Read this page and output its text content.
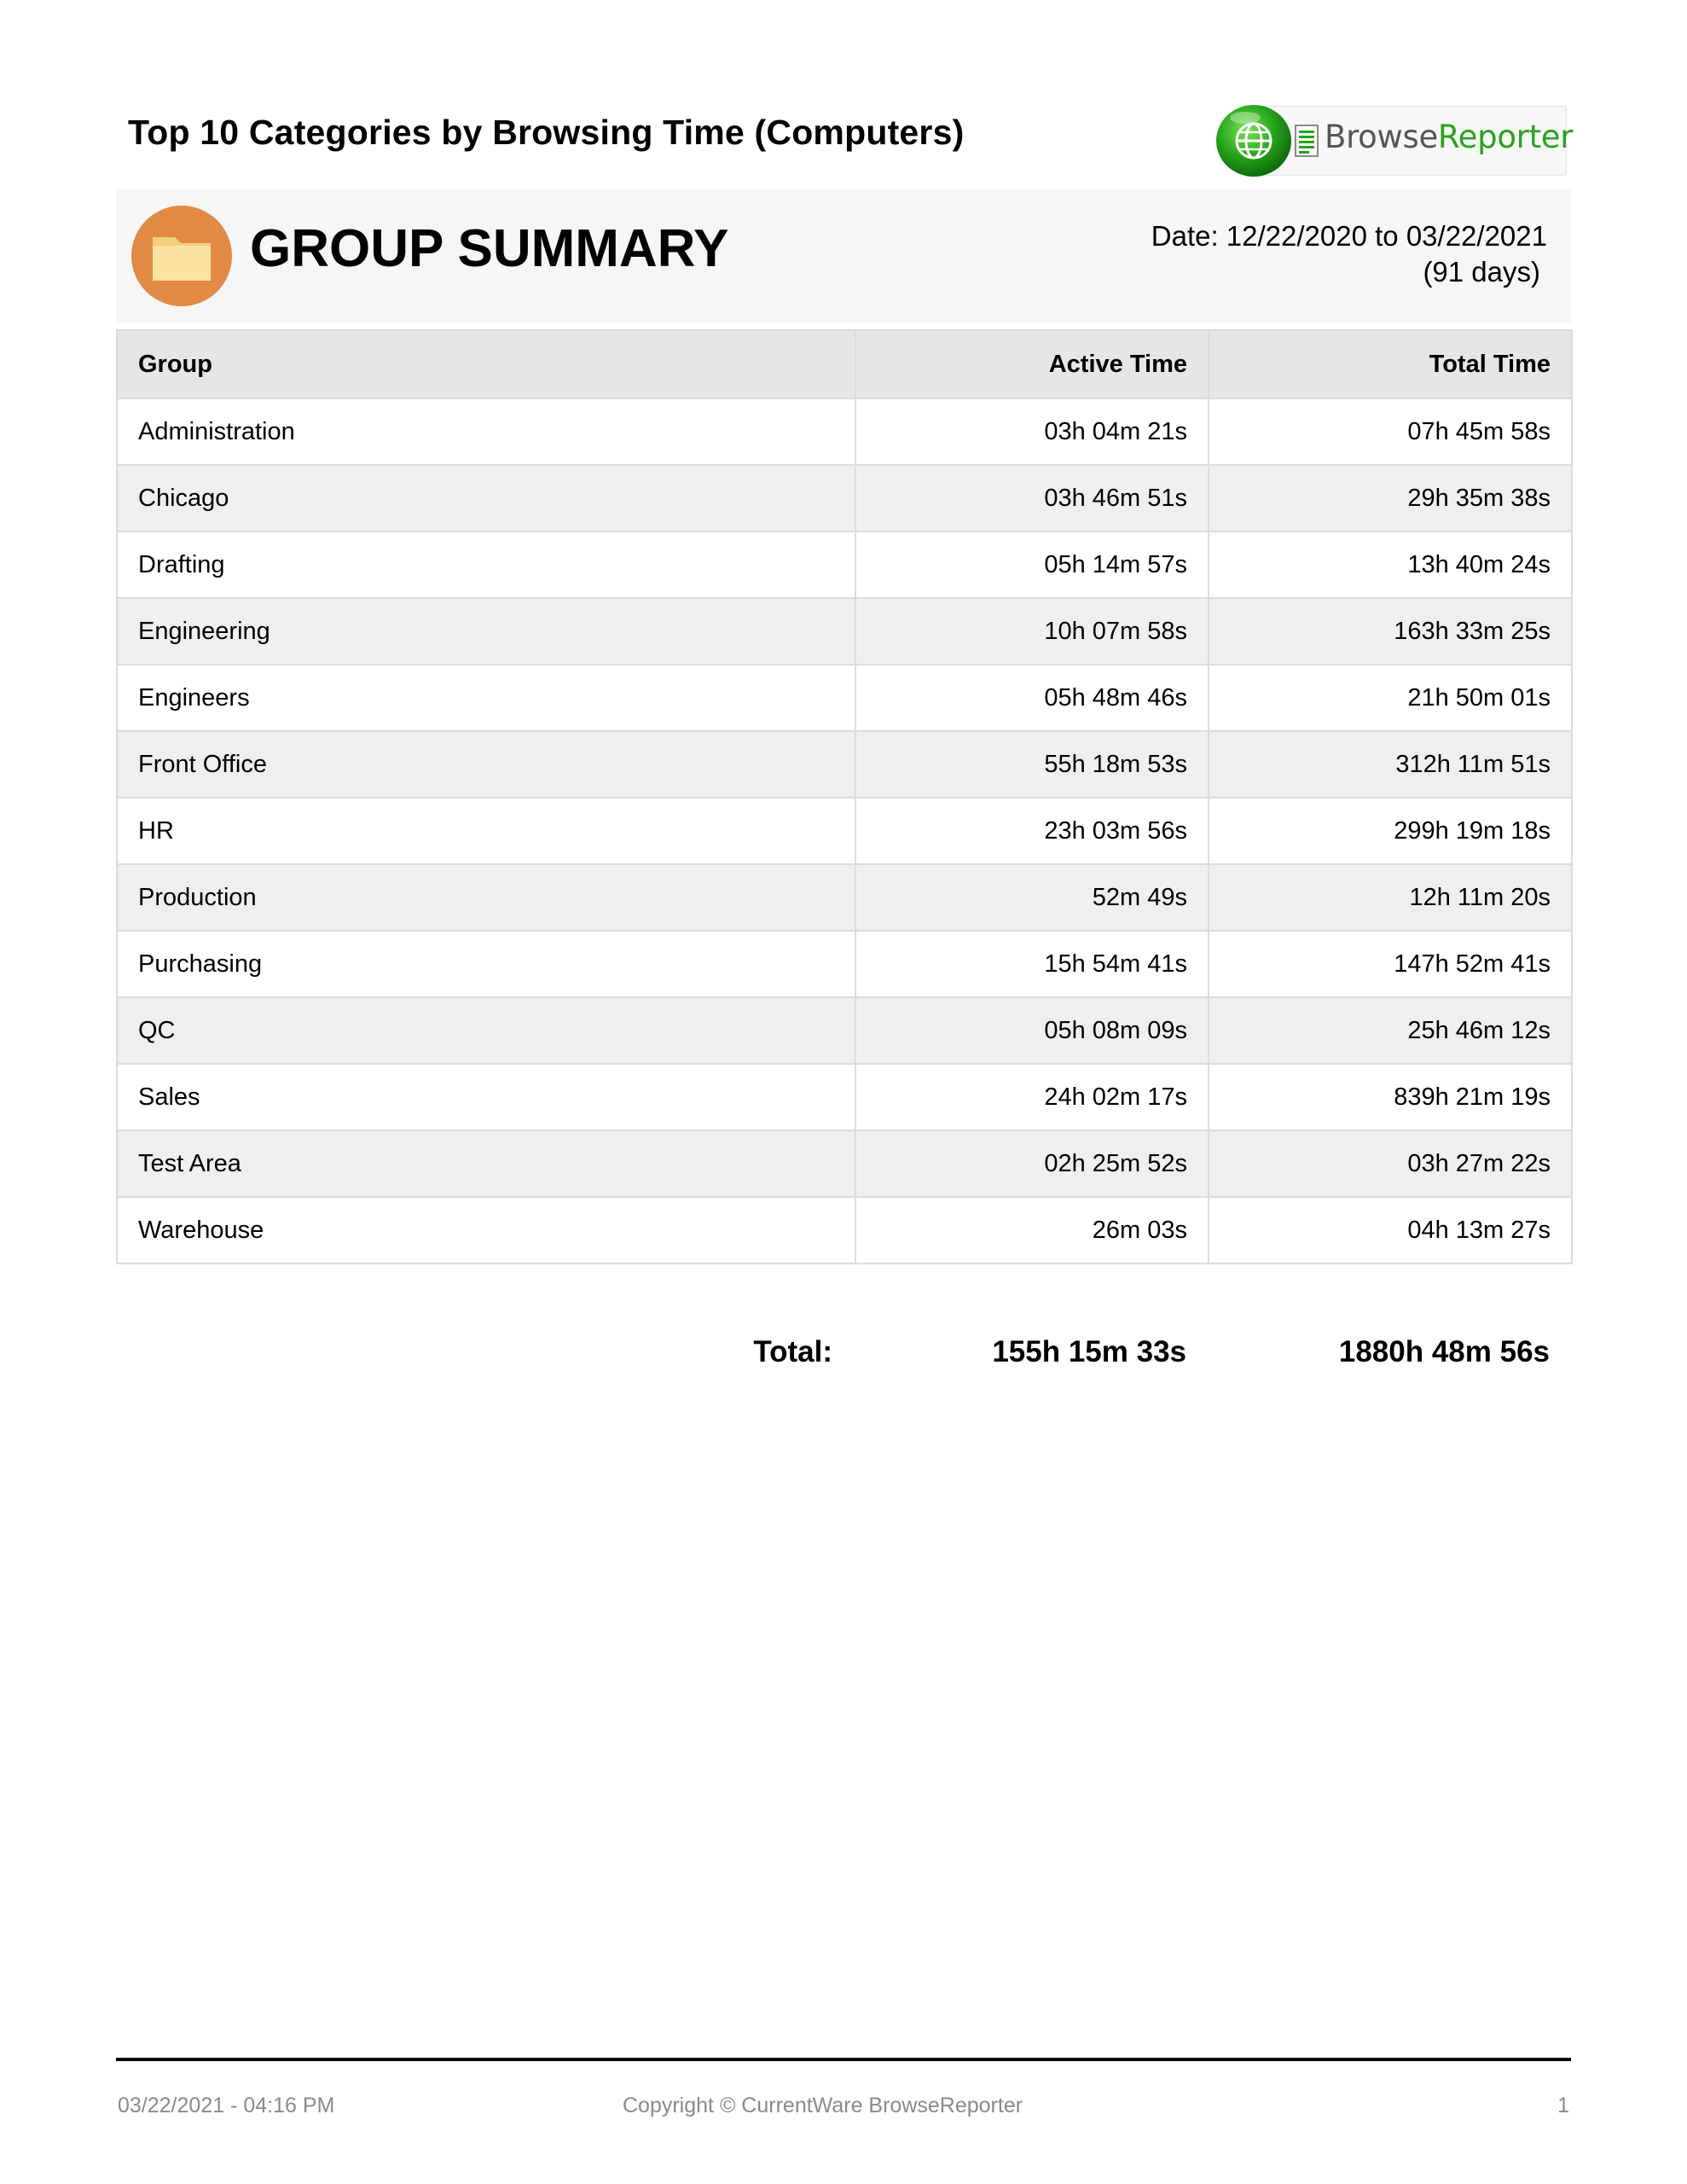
Top 10 Categories by Browsing Time (Computers)	BrowseReporter
GROUP SUMMARY	Date: 12/22/2020 to 03/22/2021
(91 days)
Group	Active Time	Total Time
Administration	03h 04m 21s	07h 45m 58s
Chicago	03h 46m 51s	29h 35m 38s
Drafting	05h 14m 57s	13h 40m 24s
Engineering	10h 07m 58s	163h 33m 25s
Engineers	05h 48m 46s	21h 50m 01s
Front Office	55h 18m 53s	312h 11m 51s
HR	23h 03m 56s	299h 19m 18s
Production	52m 49s	12h 11m 20s
Purchasing	15h 54m 41s	147h 52m 41s
QC	05h 08m 09s	25h 46m 12s
Sales	24h 02m 17s	839h 21m 19s
Test Area	02h 25m 52s	03h 27m 22s
Warehouse	26m 03s	04h 13m 27s
Total:	155h 15m 33s	1880h 48m 56s
03/22/2021 - 04:16 PM	Copyright © CurrentWare BrowseReporter	1
